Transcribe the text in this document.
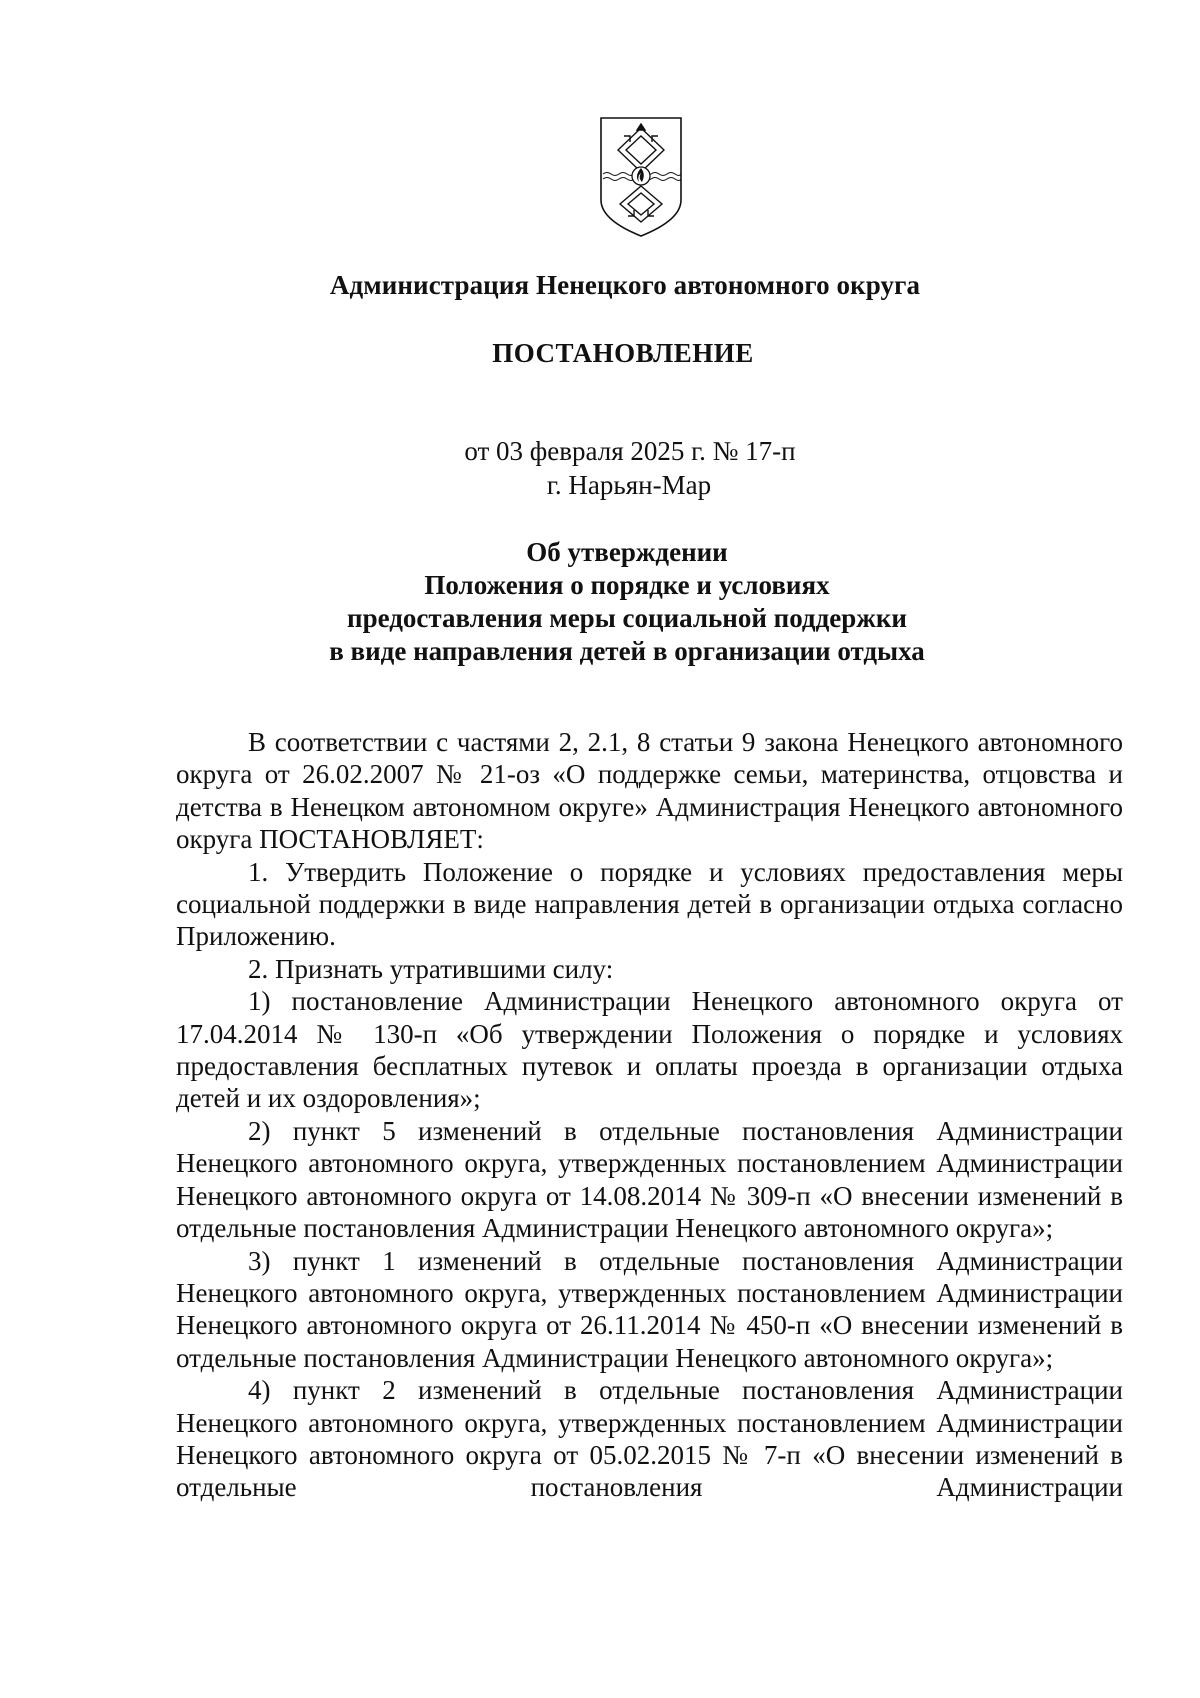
Администрация Ненецкого автономного округа
ПОСТАНОВЛЕНИЕ
от 03 февраля 2025 г. № 17-п
г. Нарьян-Мар
Об утверждении
Положения о порядке и условиях
предоставления меры социальной поддержки
в виде направления детей в организации отдыха

В соответствии с частями 2, 2.1, 8 статьи 9 закона Ненецкого автономного округа от 26.02.2007 № 21-оз «О поддержке семьи, материнства, отцовства и детства в Ненецком автономном округе» Администрация Ненецкого автономного округа ПОСТАНОВЛЯЕТ:

1. Утвердить Положение о порядке и условиях предоставления меры социальной поддержки в виде направления детей в организации отдыха согласно Приложению.

2. Признать утратившими силу:

1) постановление Администрации Ненецкого автономного округа от 17.04.2014 № 130-п «Об утверждении Положения о порядке и условиях предоставления бесплатных путевок и оплаты проезда в организации отдыха детей и их оздоровления»;

2) пункт 5 изменений в отдельные постановления Администрации Ненецкого автономного округа, утвержденных постановлением Администрации Ненецкого автономного округа от 14.08.2014 № 309-п «О внесении изменений в отдельные постановления Администрации Ненецкого автономного округа»;

3) пункт 1 изменений в отдельные постановления Администрации Ненецкого автономного округа, утвержденных постановлением Администрации Ненецкого автономного округа от 26.11.2014 № 450-п «О внесении изменений в отдельные постановления Администрации Ненецкого автономного округа»;

4) пункт 2 изменений в отдельные постановления Администрации Ненецкого автономного округа, утвержденных постановлением Администрации Ненецкого автономного округа от 05.02.2015 № 7-п «О внесении изменений в отдельные постановления Администрации
